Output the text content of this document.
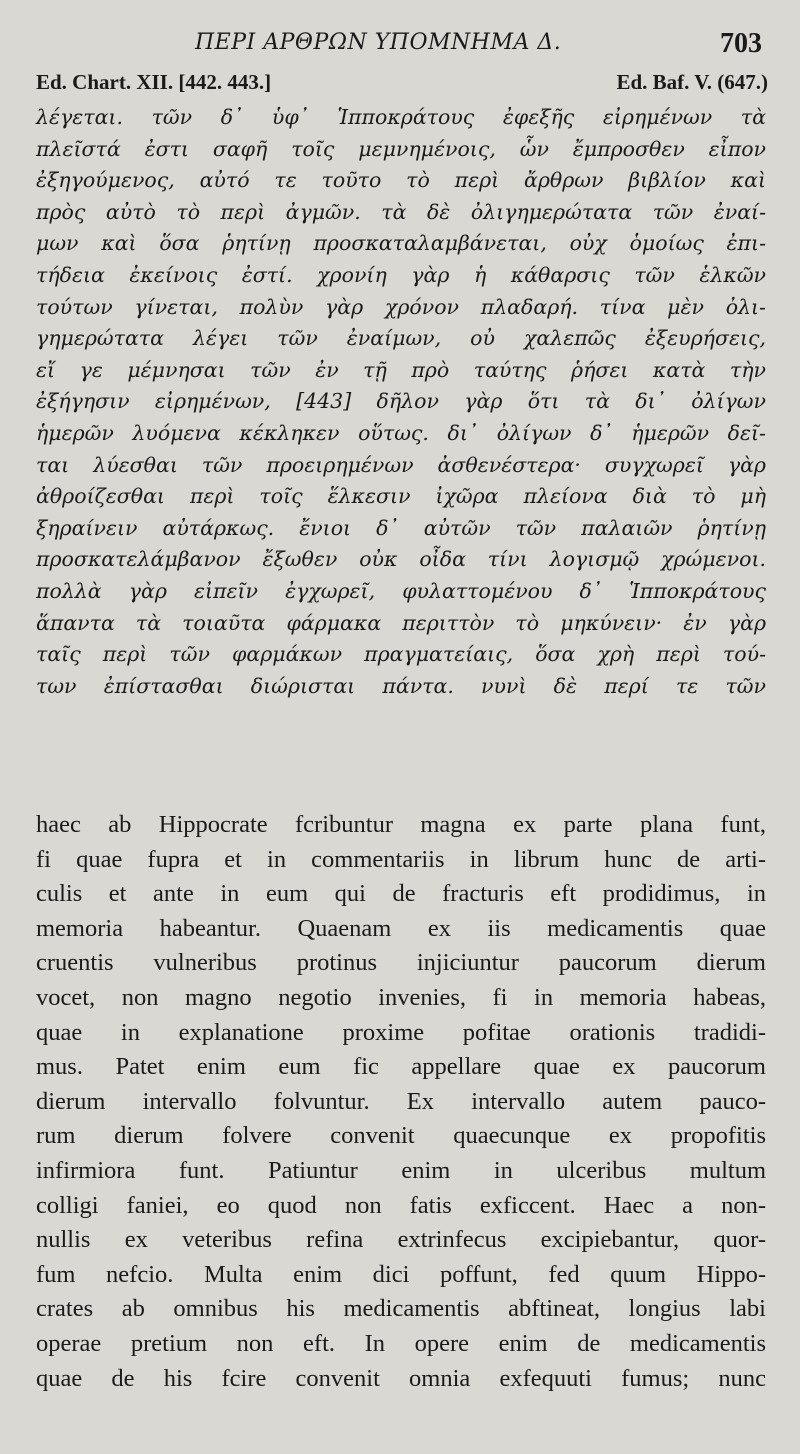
ΠΕΡΙ ΑΡΘΡΩΝ ΥΠΟΜΝΗΜΑ Δ.	703
Ed. Chart. XII. [442. 443.]	Ed. Baf. V. (647.)
λέγεται. τῶν δ᾽ ὑφ᾽ Ἱπποκράτους ἐφεξῆς εἰρημένων τὰ
πλεῖστά ἐστι σαφῆ τοῖς μεμνημένοις, ὧν ἔμπροσθεν εἶπον
ἐξηγούμενος, αὐτό τε τοῦτο τὸ περὶ ἄρθρων βιβλίον καὶ
πρὸς αὐτὸ τὸ περὶ ἀγμῶν. τὰ δὲ ὀλιγημερώτατα τῶν ἐναί-
μων καὶ ὅσα ῥητίνῃ προσκαταλαμβάνεται, οὐχ ὁμοίως ἐπι-
τήδεια ἐκείνοις ἐστί. χρονίη γὰρ ἡ κάθαρσις τῶν ἑλκῶν
τούτων γίνεται, πολὺν γὰρ χρόνον πλαδαρή. τίνα μὲν ὀλι-
γημερώτατα λέγει τῶν ἐναίμων, οὐ χαλεπῶς ἐξευρήσεις,
εἴ γε μέμνησαι τῶν ἐν τῇ πρὸ ταύτης ῥήσει κατὰ τὴν
ἐξήγησιν εἰρημένων, [443] δῆλον γὰρ ὅτι τὰ δι᾽ ὀλίγων
ἡμερῶν λυόμενα κέκληκεν οὕτως. δι᾽ ὀλίγων δ᾽ ἡμερῶν δεῖ-
ται λύεσθαι τῶν προειρημένων ἀσθενέστερα· συγχωρεῖ γὰρ
ἀθροίζεσθαι περὶ τοῖς ἕλκεσιν ἰχῶρα πλείονα διὰ τὸ μὴ
ξηραίνειν αὐτάρκως. ἔνιοι δ᾽ αὐτῶν τῶν παλαιῶν ῥητίνῃ
προσκατελάμβανον ἔξωθεν οὐκ οἶδα τίνι λογισμῷ χρώμενοι.
πολλὰ γὰρ εἰπεῖν ἐγχωρεῖ, φυλαττομένου δ᾽ Ἱπποκράτους
ἅπαντα τὰ τοιαῦτα φάρμακα περιττὸν τὸ μηκύνειν· ἐν γὰρ
ταῖς περὶ τῶν φαρμάκων πραγματείαις, ὅσα χρὴ περὶ τού-
των ἐπίστασθαι διώρισται πάντα. νυνὶ δὲ περί τε τῶν
haec ab Hippocrate fcribuntur magna ex parte plana funt,
fi quae fupra et in commentariis in librum hunc de arti-
culis et ante in eum qui de fracturis eft prodidimus, in
memoria habeantur. Quaenam ex iis medicamentis quae
cruentis vulneribus protinus injiciuntur paucorum dierum
vocet, non magno negotio invenies, fi in memoria habeas,
quae in explanatione proxime pofitae orationis tradidi-
mus. Patet enim eum fic appellare quae ex paucorum
dierum intervallo folvuntur. Ex intervallo autem pauco-
rum dierum folvere convenit quaecunque ex propofitis
infirmiora funt. Patiuntur enim in ulceribus multum
colligi faniei, eo quod non fatis exficcent. Haec a non-
nullis ex veteribus refina extrinfecus excipiebantur, quor-
fum nefcio. Multa enim dici poffunt, fed quum Hippo-
crates ab omnibus his medicamentis abftineat, longius labi
operae pretium non eft. In opere enim de medicamentis
quae de his fcire convenit omnia exfequuti fumus; nunc
